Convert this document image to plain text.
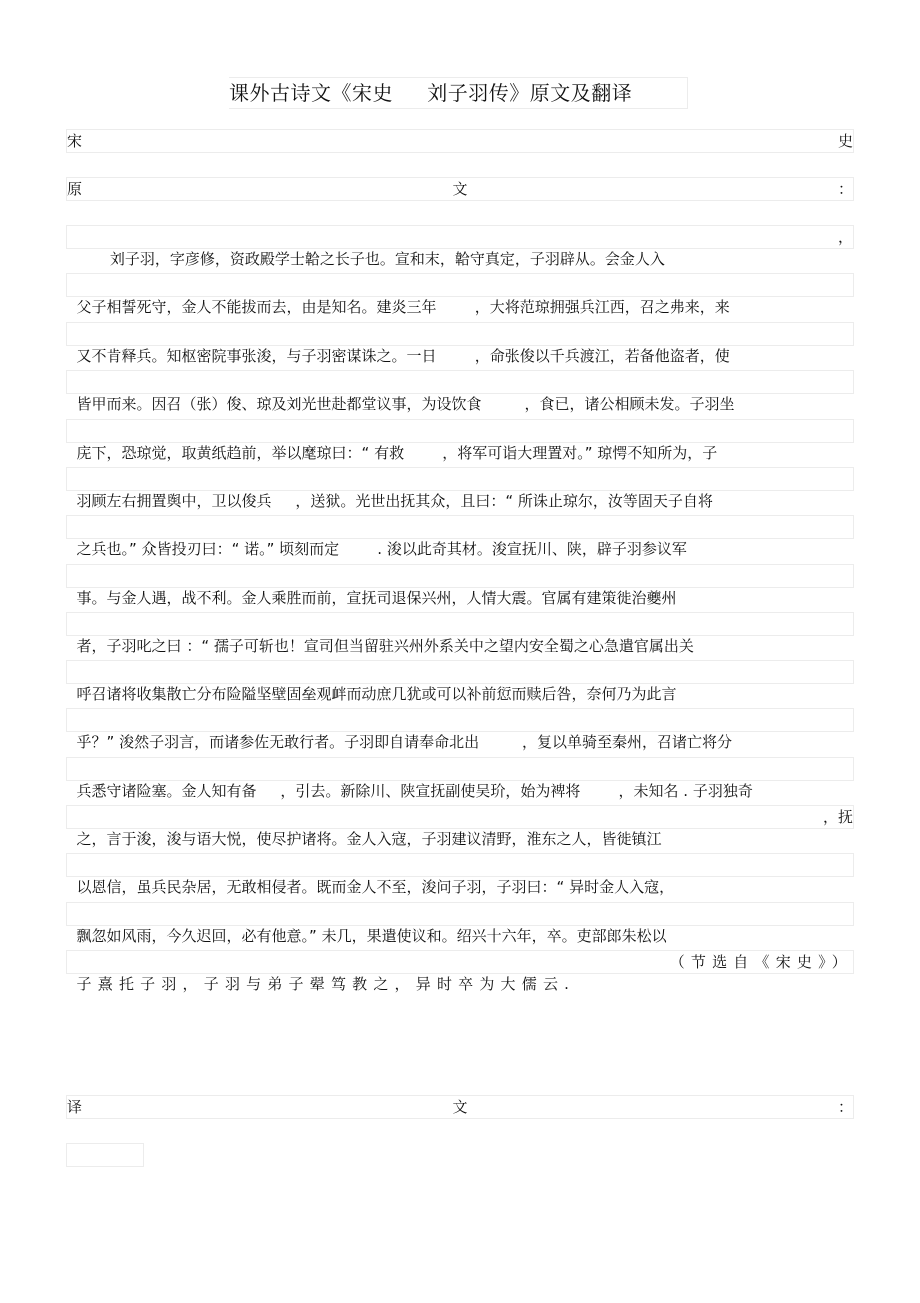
课外古诗文《宋史     刘子羽传》原文及翻译
宋	史
原	文	：

刘子羽，字彦修，资政殿学士韐之长子也。宣和末，韐守真定，子羽辟从。会金人入

，

父子相誓死守，金人不能拔而去，由是知名。建炎三年        ，大将范琼拥强兵江西，召之弗来，来

又不肯释兵。知枢密院事张浚，与子羽密谋诛之。一日        ，命张俊以千兵渡江，若备他盗者，使

皆甲而来。因召（张）俊、琼及刘光世赴都堂议事，为设饮食         ，食已，诸公相顾未发。子羽坐

庑下，恐琼觉，取黄纸趋前，举以麾琼曰：“ 有救        ，将军可诣大理置对。” 琼愕不知所为，子

羽顾左右拥置舆中，卫以俊兵     ，送狱。光世出抚其众，且曰：“ 所诛止琼尔，汝等固天子自将

之兵也。” 众皆投刃曰：“ 诺。” 顷刻而定        . 浚以此奇其材。浚宣抚川、陕，辟子羽参议军

事。与金人遇，战不利。金人乘胜而前，宣抚司退保兴州，人情大震。官属有建策徙治夔州

者，子羽叱之曰 ：“ 孺子可斩也！宣司但当留驻兴州外系关中之望内安全蜀之心急遣官属出关

呼召诸将收集散亡分布险隘坚壁固垒观衅而动庶几犹或可以补前愆而赎后咎，奈何乃为此言

乎？” 浚然子羽言，而诸参佐无敢行者。子羽即自请奉命北出         ，复以单骑至秦州，召诸亡将分

兵悉守诸险塞。金人知有备     ，引去。新除川、陕宣抚副使吴玠，始为裨将        ，未知名 . 子羽独奇

之，言于浚，浚与语大悦，使尽护诸将。金人入寇，子羽建议清野，淮东之人，皆徙镇江

，抚

以恩信，虽兵民杂居，无敢相侵者。既而金人不至，浚问子羽，子羽曰：“ 异时金人入寇，

飘忽如风雨，今久迟回，必有他意。” 未几，果遣使议和。绍兴十六年，卒。吏部郎朱松以

子熹托子羽，子羽与弟子翚笃教之，异时卒为大儒云.

（节选自《宋史》）

译	文	：
